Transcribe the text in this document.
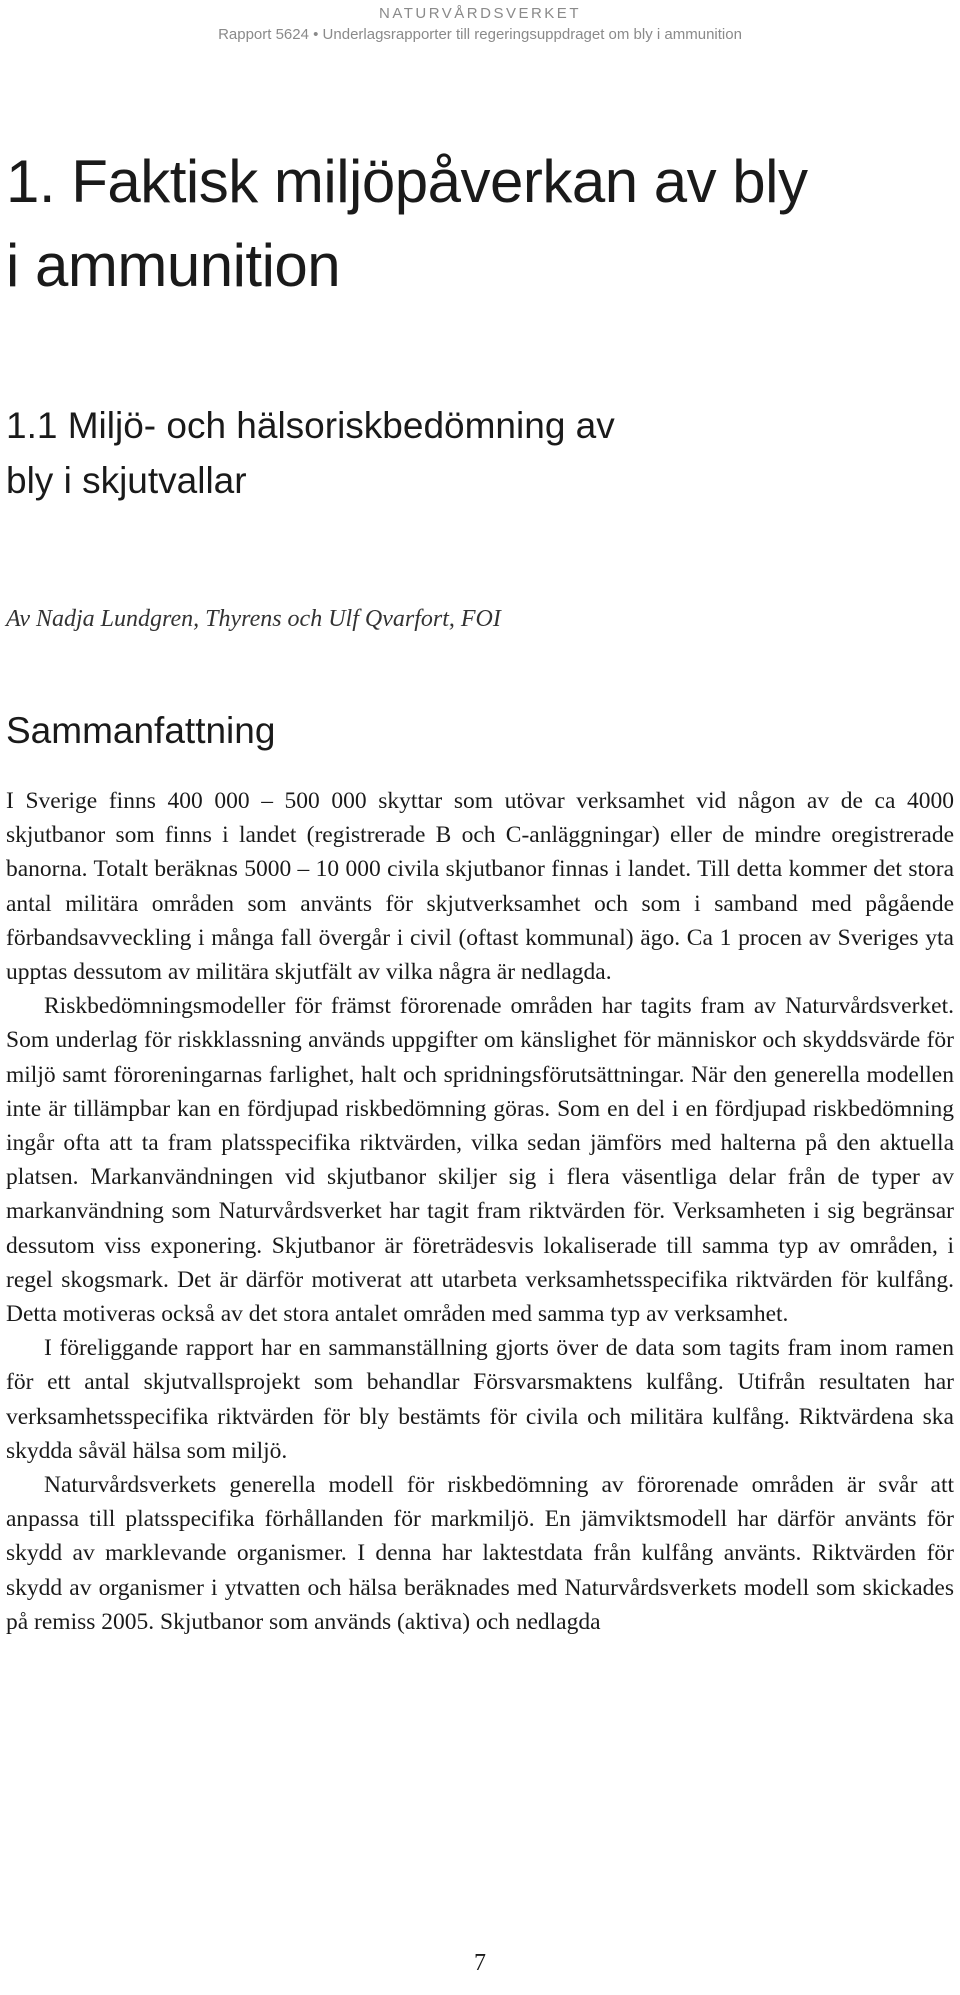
NATURVÅRDSVERKET
Rapport 5624 • Underlagsrapporter till regeringsuppdraget om bly i ammunition
1. Faktisk miljöpåverkan av bly
i ammunition
1.1 Miljö- och hälsoriskbedömning av
bly i skjutvallar

Av Nadja Lundgren, Thyrens och Ulf Qvarfort, FOI

Sammanfattning

I Sverige finns 400 000 – 500 000 skyttar som utövar verksamhet vid någon av de ca 4000 skjutbanor som finns i landet (registrerade B och C-anläggningar) eller de mindre oregistrerade banorna. Totalt beräknas 5000 – 10 000 civila skjutbanor finnas i landet. Till detta kommer det stora antal militära områden som använts för skjutverksamhet och som i samband med pågående förbandsavveckling i många fall övergår i civil (oftast kommunal) ägo. Ca 1 procen av Sveriges yta upptas dessutom av militära skjutfält av vilka några är nedlagda.

Riskbedömningsmodeller för främst förorenade områden har tagits fram av Naturvårdsverket. Som underlag för riskklassning används uppgifter om känslighet för människor och skyddsvärde för miljö samt föroreningarnas farlighet, halt och spridningsförutsättningar. När den generella modellen inte är tillämpbar kan en fördjupad riskbedömning göras. Som en del i en fördjupad riskbedömning ingår ofta att ta fram platsspecifika riktvärden, vilka sedan jämförs med halterna på den aktuella platsen. Markanvändningen vid skjutbanor skiljer sig i flera väsentliga delar från de typer av markanvändning som Naturvårdsverket har tagit fram riktvärden för. Verksamheten i sig begränsar dessutom viss exponering. Skjutbanor är företrädesvis lokaliserade till samma typ av områden, i regel skogsmark. Det är därför motiverat att utarbeta verksamhetsspecifika riktvärden för kulfång. Detta motiveras också av det stora antalet områden med samma typ av verksamhet.

I föreliggande rapport har en sammanställning gjorts över de data som tagits fram inom ramen för ett antal skjutvallsprojekt som behandlar Försvarsmaktens kulfång. Utifrån resultaten har verksamhetsspecifika riktvärden för bly bestämts för civila och militära kulfång. Riktvärdena ska skydda såväl hälsa som miljö.

Naturvårdsverkets generella modell för riskbedömning av förorenade områden är svår att anpassa till platsspecifika förhållanden för markmiljö. En jämviktsmodell har därför använts för skydd av marklevande organismer. I denna har laktestdata från kulfång använts. Riktvärden för skydd av organismer i ytvatten och hälsa beräknades med Naturvårdsverkets modell som skickades på remiss 2005. Skjutbanor som används (aktiva) och nedlagda

7
